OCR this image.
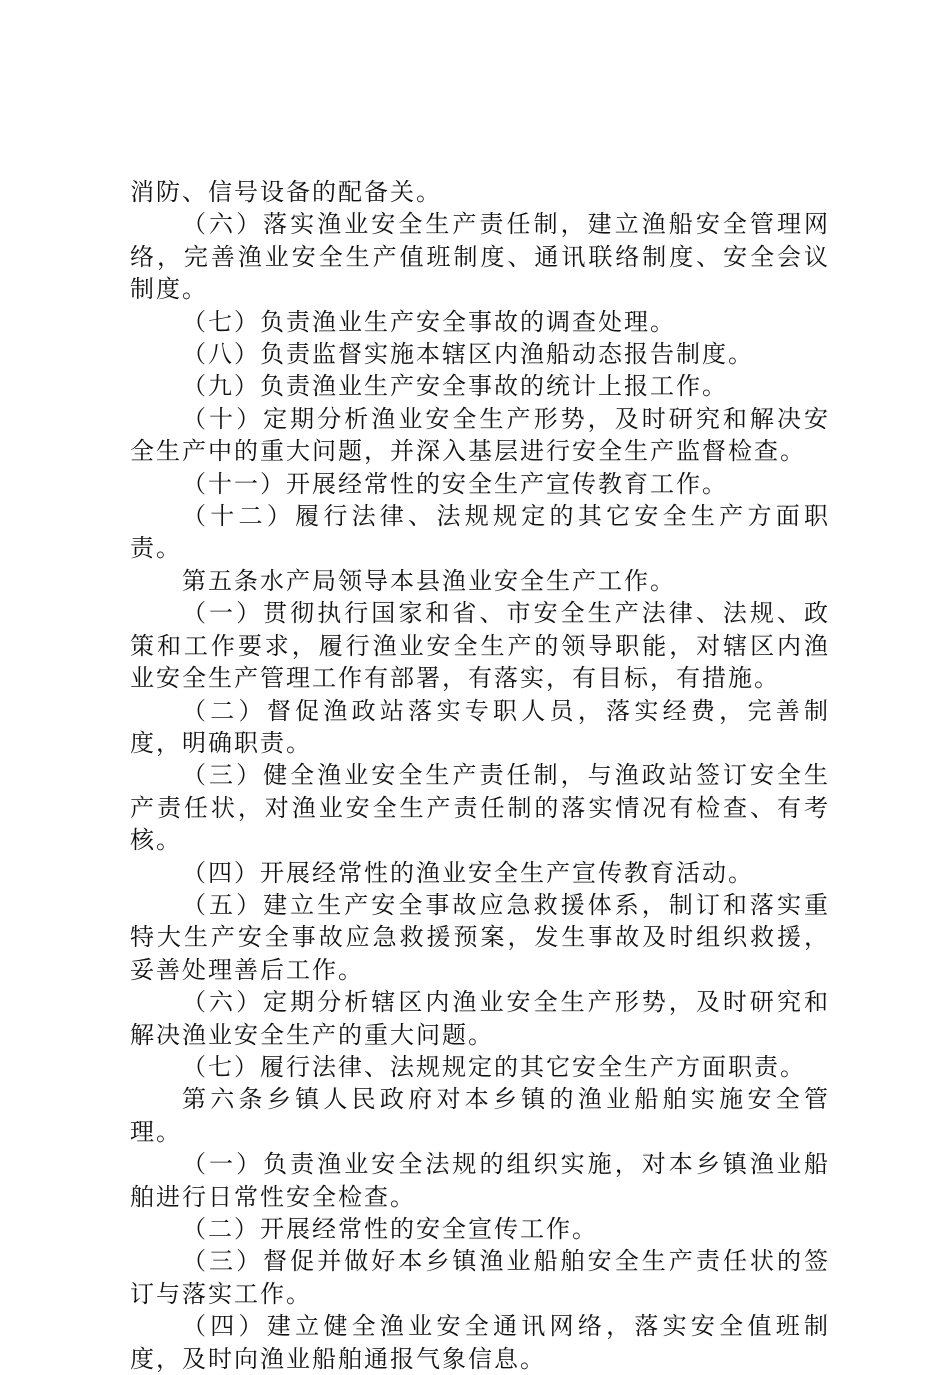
消防、信号设备的配备关。

（六）落实渔业安全生产责任制，建立渔船安全管理网络，完善渔业安全生产值班制度、通讯联络制度、安全会议制度。

（七）负责渔业生产安全事故的调查处理。

（八）负责监督实施本辖区内渔船动态报告制度。

（九）负责渔业生产安全事故的统计上报工作。

（十）定期分析渔业安全生产形势，及时研究和解决安全生产中的重大问题，并深入基层进行安全生产监督检查。

（十一）开展经常性的安全生产宣传教育工作。

（十二）履行法律、法规规定的其它安全生产方面职责。

第五条水产局领导本县渔业安全生产工作。

（一）贯彻执行国家和省、市安全生产法律、法规、政策和工作要求，履行渔业安全生产的领导职能，对辖区内渔业安全生产管理工作有部署，有落实，有目标，有措施。

（二）督促渔政站落实专职人员，落实经费，完善制度，明确职责。

（三）健全渔业安全生产责任制，与渔政站签订安全生产责任状，对渔业安全生产责任制的落实情况有检查、有考核。

（四）开展经常性的渔业安全生产宣传教育活动。

（五）建立生产安全事故应急救援体系，制订和落实重特大生产安全事故应急救援预案，发生事故及时组织救援，妥善处理善后工作。

（六）定期分析辖区内渔业安全生产形势，及时研究和解决渔业安全生产的重大问题。

（七）履行法律、法规规定的其它安全生产方面职责。

第六条乡镇人民政府对本乡镇的渔业船舶实施安全管理。

（一）负责渔业安全法规的组织实施，对本乡镇渔业船舶进行日常性安全检查。

（二）开展经常性的安全宣传工作。

（三）督促并做好本乡镇渔业船舶安全生产责任状的签订与落实工作。

（四）建立健全渔业安全通讯网络，落实安全值班制度，及时向渔业船舶通报气象信息。
